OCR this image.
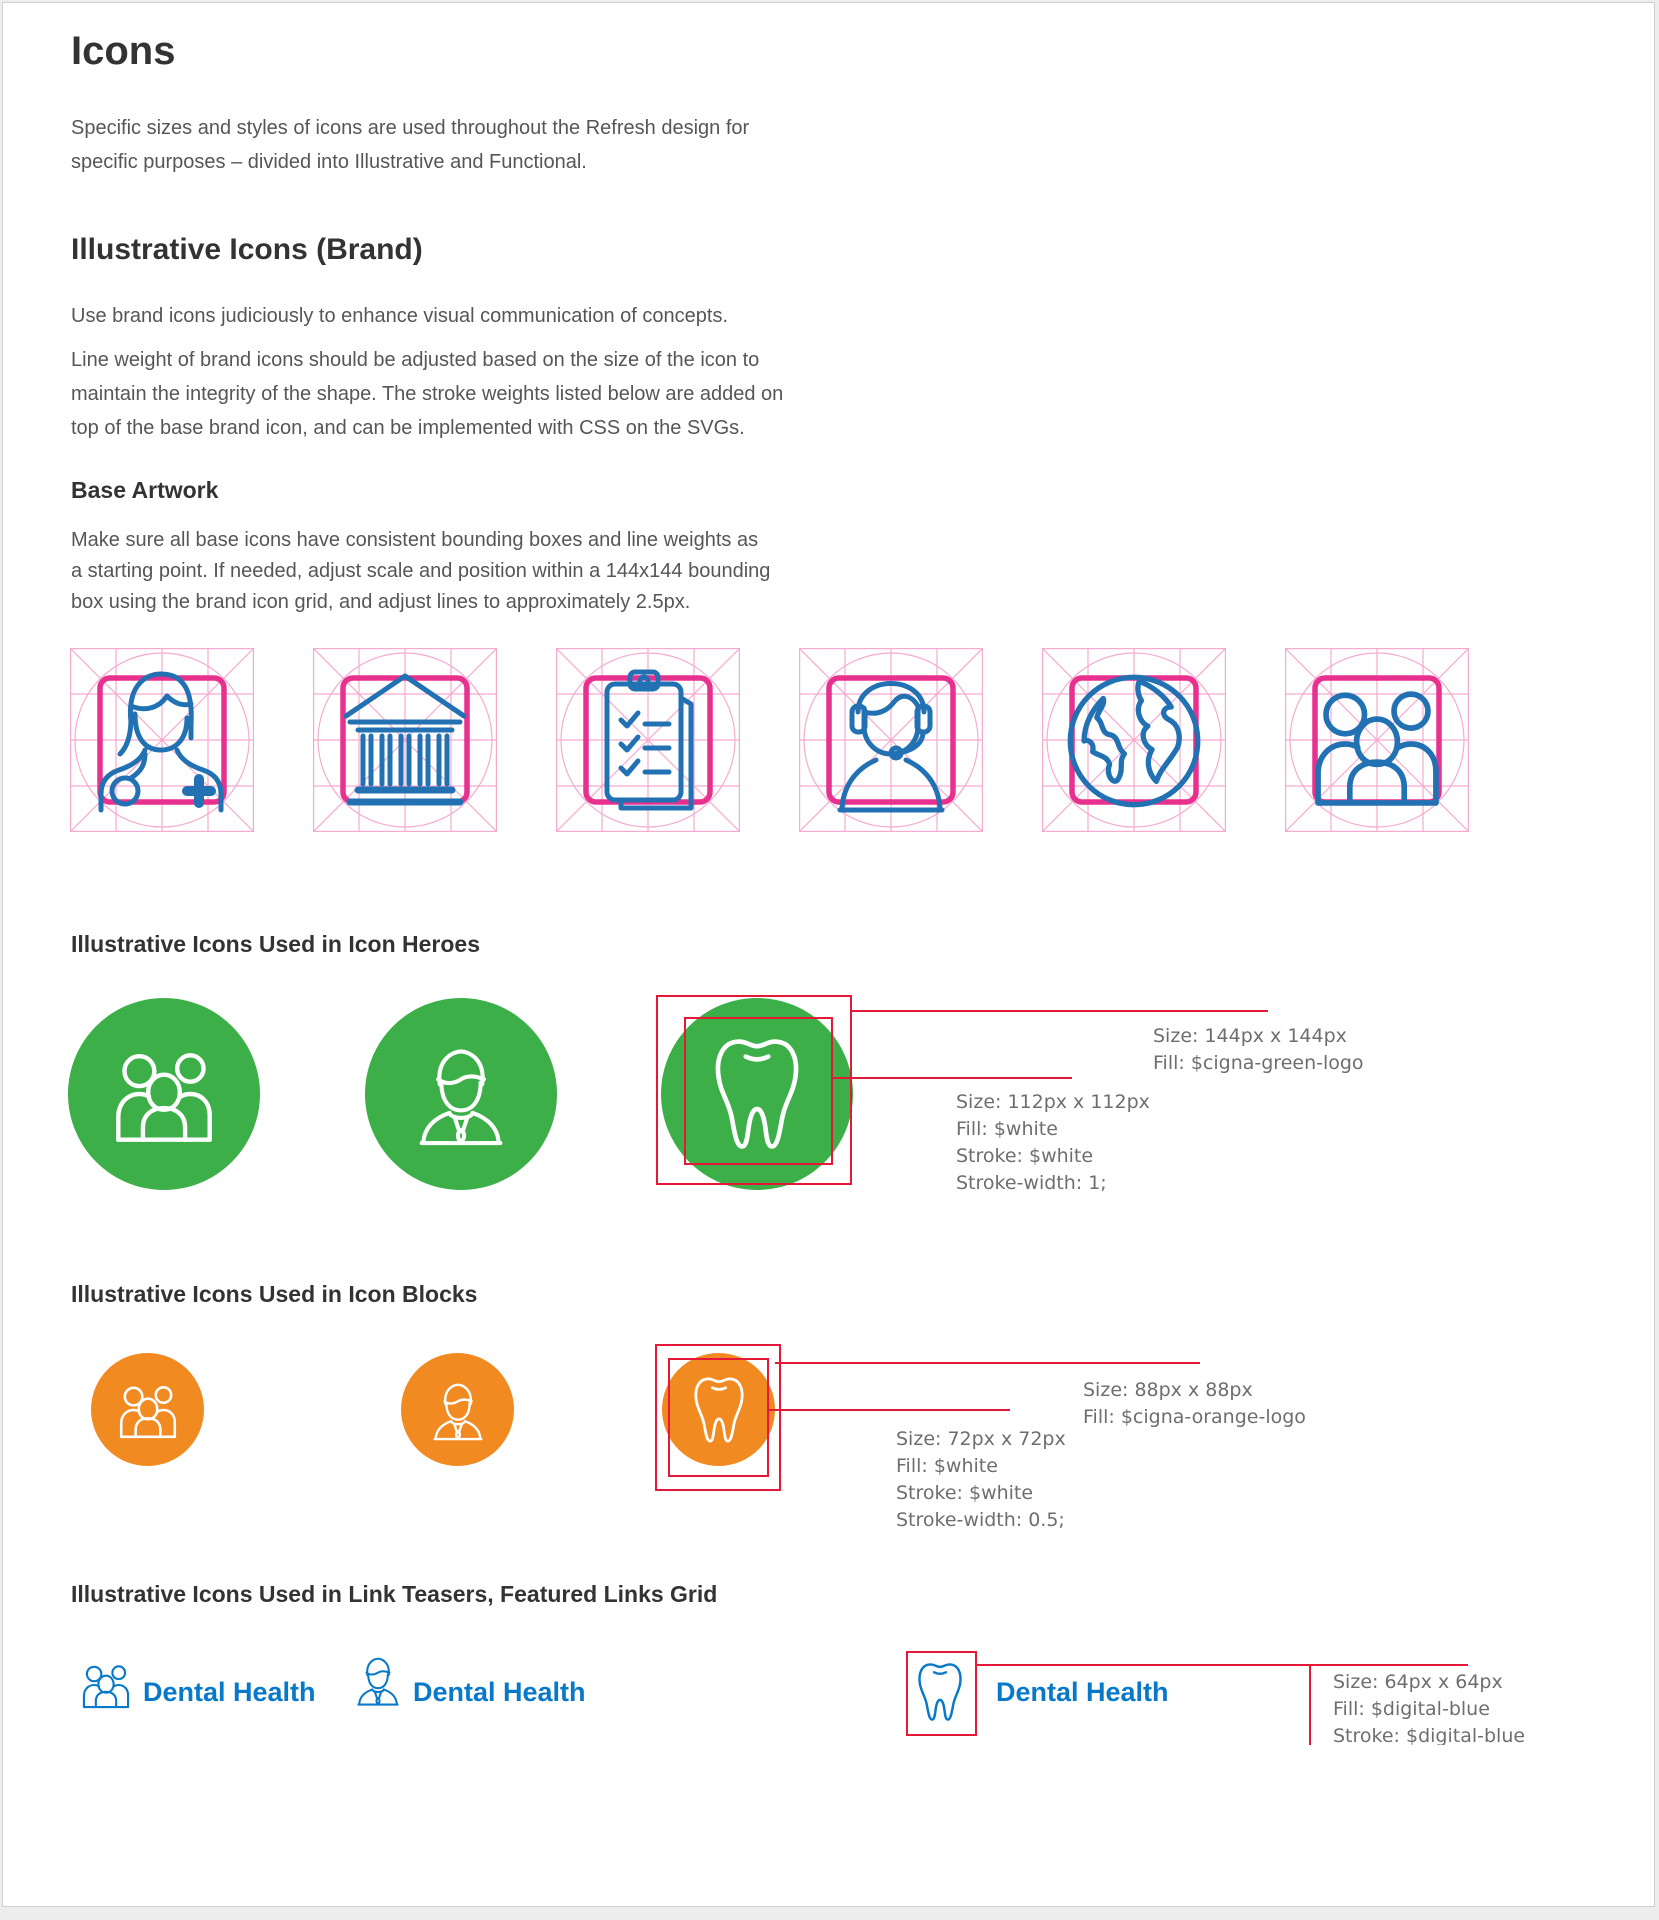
Icons
Specific sizes and styles of icons are used throughout the Refresh design for specific purposes – divided into Illustrative and Functional.
Illustrative Icons (Brand)
Use brand icons judiciously to enhance visual communication of concepts.
Line weight of brand icons should be adjusted based on the size of the icon to maintain the integrity of the shape. The stroke weights listed below are added on top of the base brand icon, and can be implemented with CSS on the SVGs.
Base Artwork
Make sure all base icons have consistent bounding boxes and line weights as a starting point. If needed, adjust scale and position within a 144x144 bounding box using the brand icon grid, and adjust lines to approximately 2.5px.
Illustrative Icons Used in Icon Heroes
Size: 144px x 144px
Fill: $cigna-green-logo
Size: 112px x 112px
Fill: $white
Stroke: $white
Stroke-width: 1;
Illustrative Icons Used in Icon Blocks
Size: 88px x 88px
Fill: $cigna-orange-logo
Size: 72px x 72px
Fill: $white
Stroke: $white
Stroke-width: 0.5;
Illustrative Icons Used in Link Teasers, Featured Links Grid
Dental Health	Dental Health	Dental Health	Size: 64px x 64px
Fill: $digital-blue
Stroke: $digital-blue
